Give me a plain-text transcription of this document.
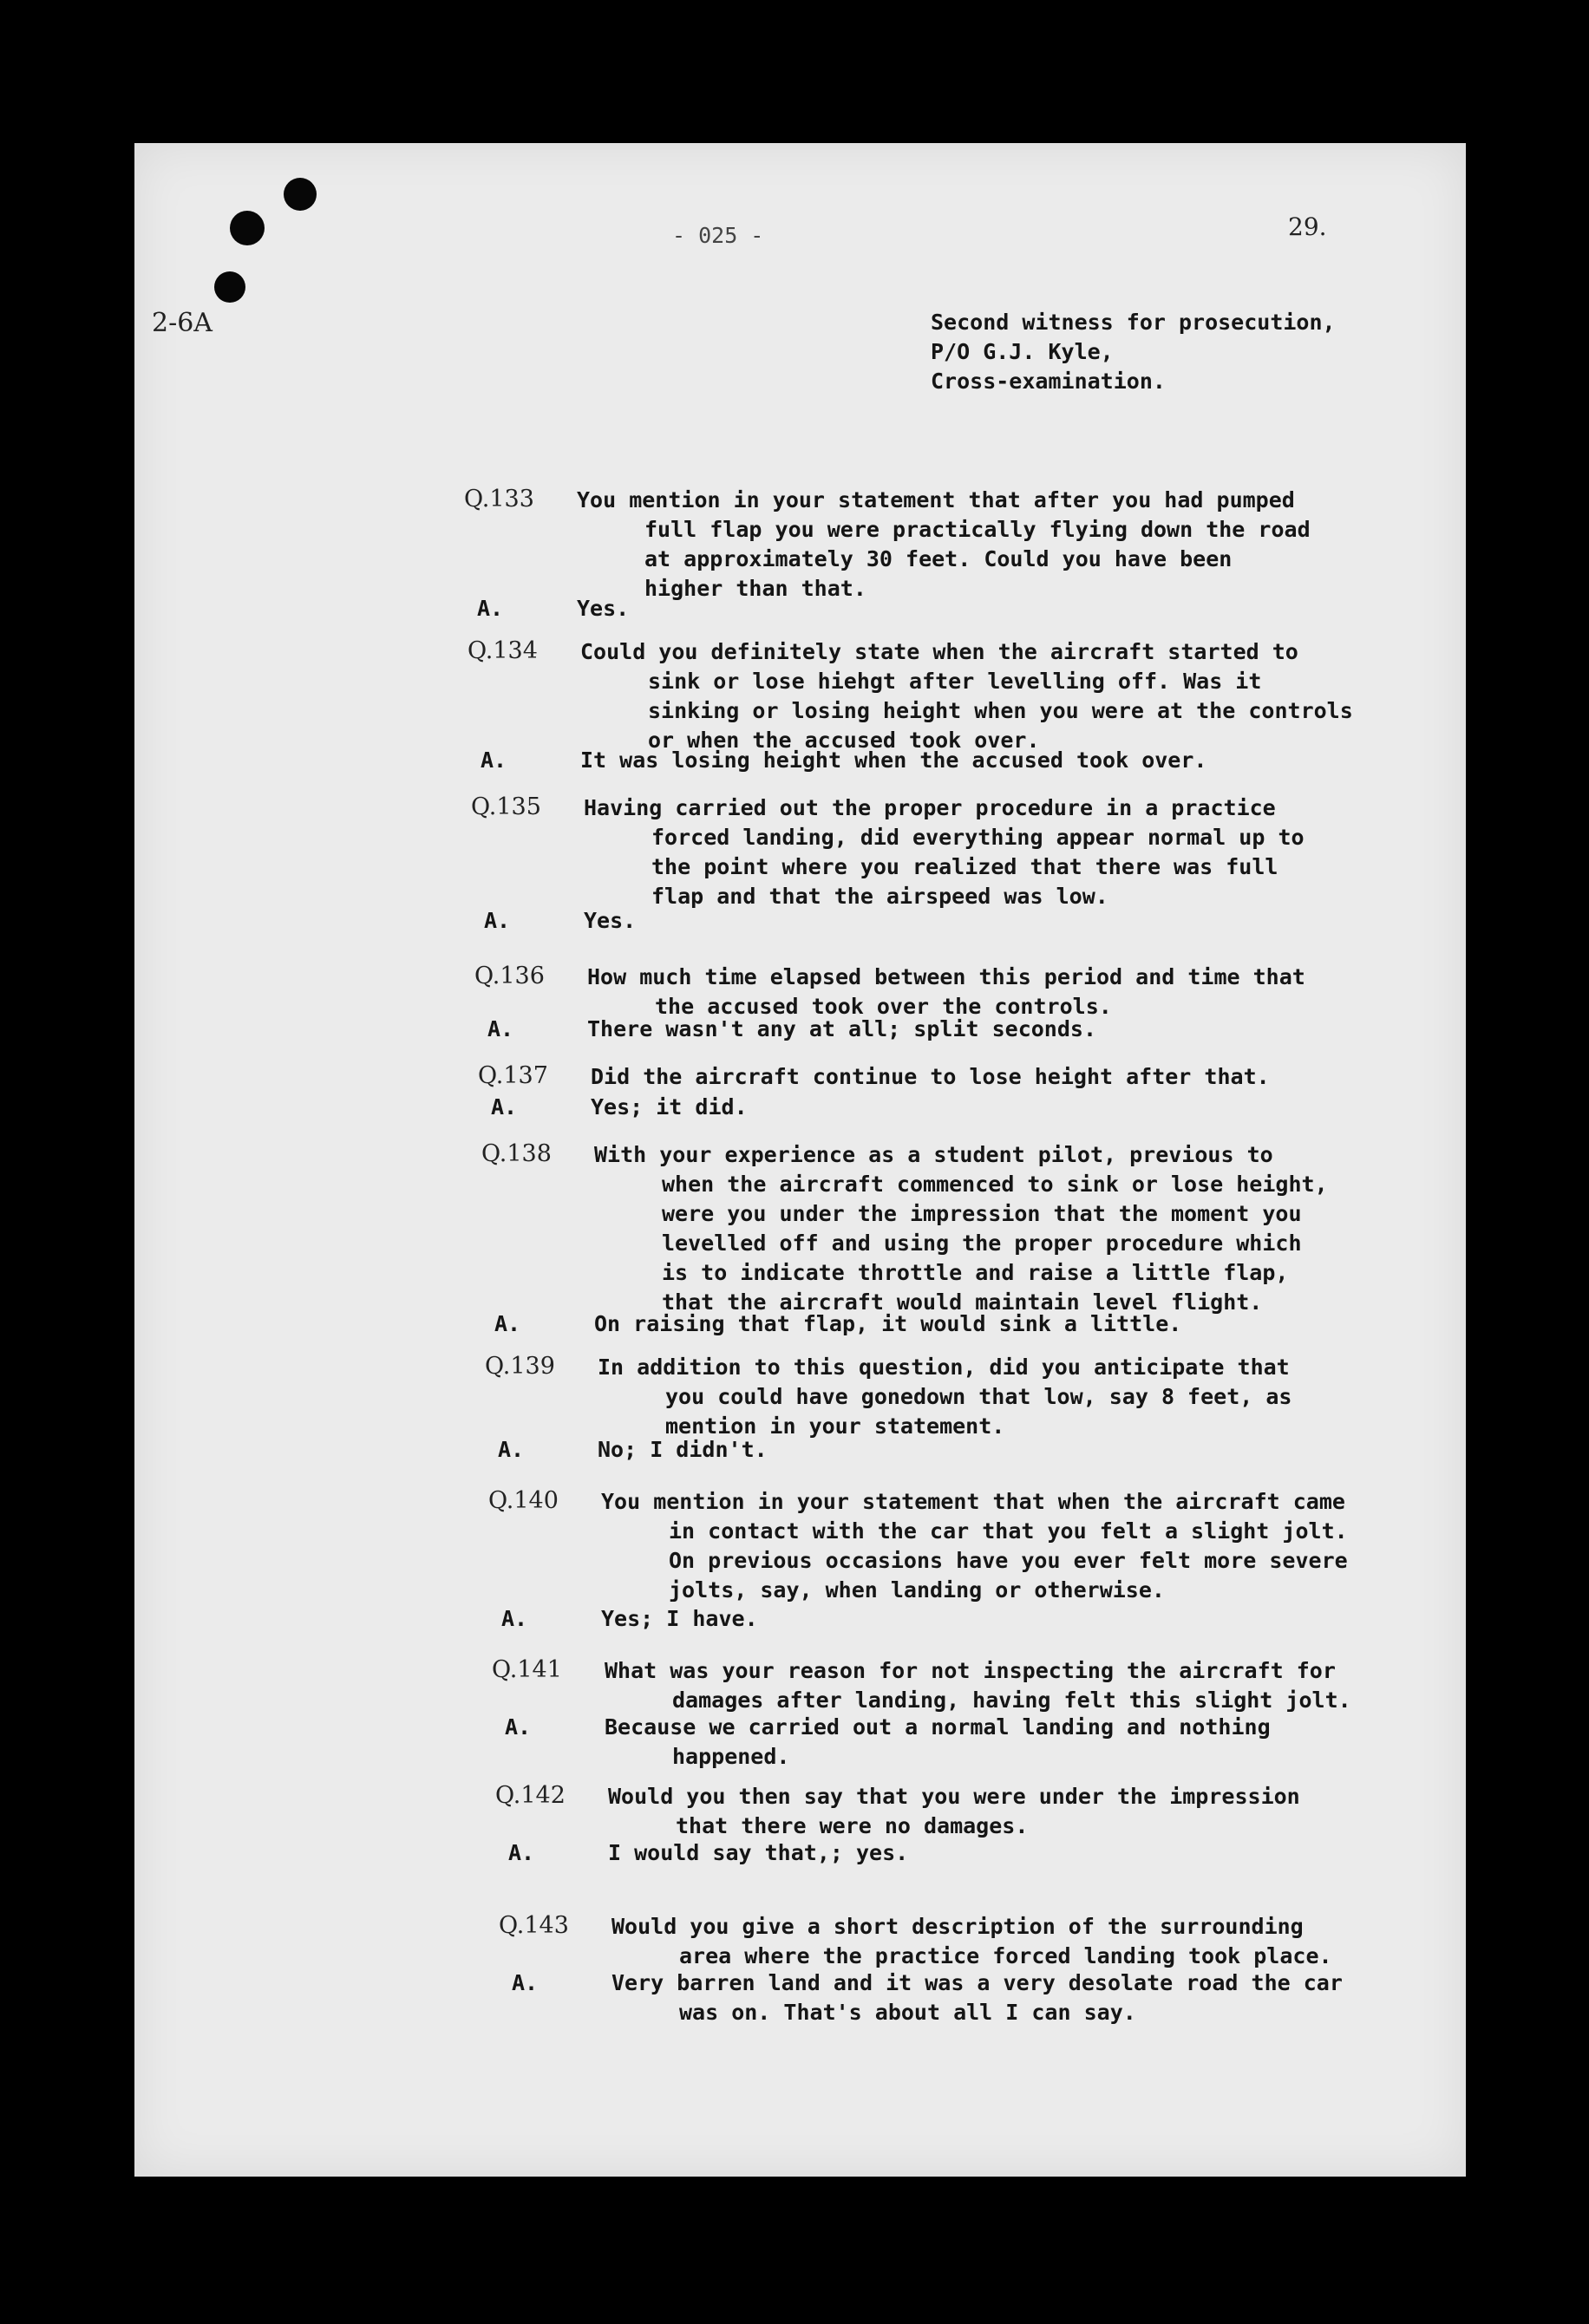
2-6A
- 025 -	29.
Second witness for prosecution,
P/O G.J. Kyle,
Cross-examination.
Q.133 You mention in your statement that after you had pumped
full flap you were practically flying down the road
at approximately 30 feet. Could you have been
higher than that.
A.	Yes.
Q.134 Could you definitely state when the aircraft started to
sink or lose hiehgt after levelling off. Was it
sinking or losing height when you were at the controls
or when the accused took over.
A.	It was losing height when the accused took over.
Q.135 Having carried out the proper procedure in a practice
forced landing, did everything appear normal up to
the point where you realized that there was full
flap and that the airspeed was low.
A.	Yes.
Q.136 How much time elapsed between this period and time that
the accused took over the controls.
A.	There wasn't any at all; split seconds.
Q.137 Did the aircraft continue to lose height after that.
A.	Yes; it did.
Q.138 With your experience as a student pilot, previous to
when the aircraft commenced to sink or lose height,
were you under the impression that the moment you
levelled off and using the proper procedure which
is to indicate throttle and raise a little flap,
that the aircraft would maintain level flight.
A.	On raising that flap, it would sink a little.
Q.139 In addition to this question, did you anticipate that
you could have gonedown that low, say 8 feet, as
mention in your statement.
A.	No; I didn't.
Q.140 You mention in your statement that when the aircraft came
in contact with the car that you felt a slight jolt.
On previous occasions have you ever felt more severe
jolts, say, when landing or otherwise.
A.	Yes; I have.
Q.141 What was your reason for not inspecting the aircraft for
damages after landing, having felt this slight jolt.
A.	Because we carried out a normal landing and nothing
happened.
Q.142 Would you then say that you were under the impression
that there were no damages.
A.	I would say that,; yes.
Q.143 Would you give a short description of the surrounding
area where the practice forced landing took place.
A.	Very barren land and it was a very desolate road the car
was on. That's about all I can say.
